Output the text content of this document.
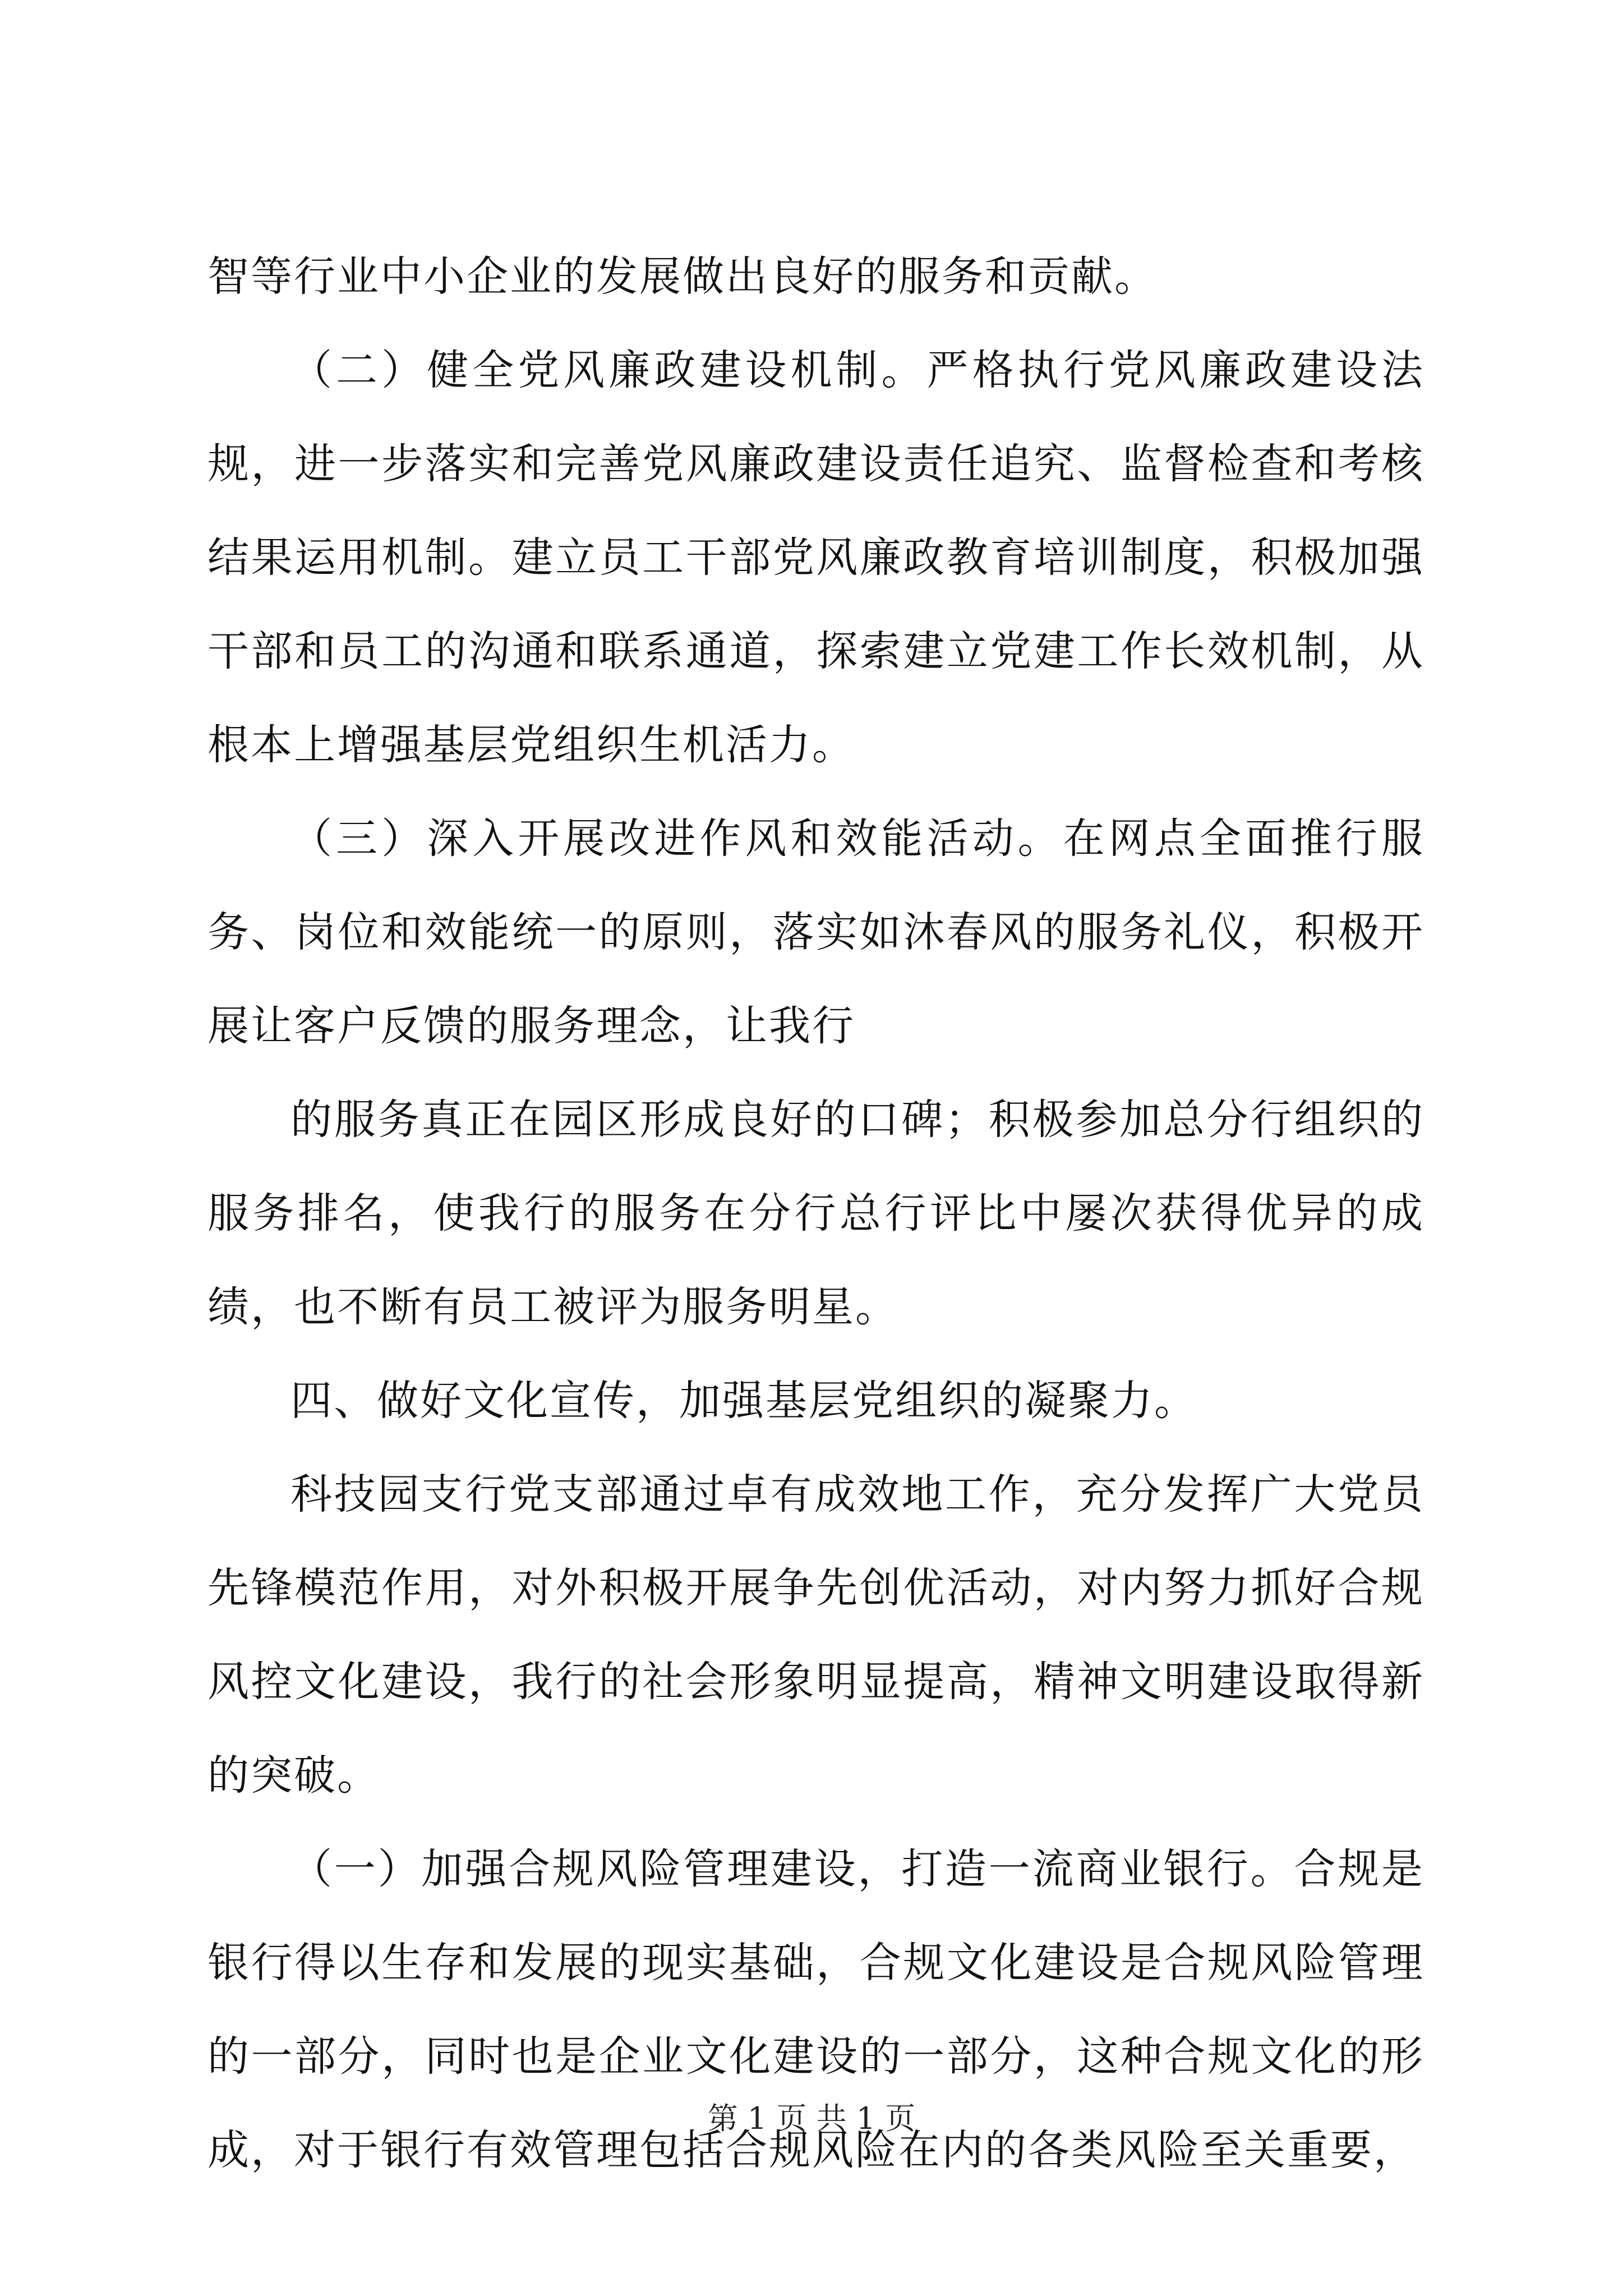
智等行业中小企业的发展做出良好的服务和贡献。

（二）健全党风廉政建设机制。严格执行党风廉政建设法规，进一步落实和完善党风廉政建设责任追究、监督检查和考核结果运用机制。建立员工干部党风廉政教育培训制度，积极加强干部和员工的沟通和联系通道，探索建立党建工作长效机制，从根本上增强基层党组织生机活力。

（三）深入开展改进作风和效能活动。在网点全面推行服务、岗位和效能统一的原则，落实如沐春风的服务礼仪，积极开展让客户反馈的服务理念，让我行

的服务真正在园区形成良好的口碑；积极参加总分行组织的服务排名，使我行的服务在分行总行评比中屡次获得优异的成绩，也不断有员工被评为服务明星。

四、做好文化宣传，加强基层党组织的凝聚力。

科技园支行党支部通过卓有成效地工作，充分发挥广大党员先锋模范作用，对外积极开展争先创优活动，对内努力抓好合规风控文化建设，我行的社会形象明显提高，精神文明建设取得新的突破。

（一）加强合规风险管理建设，打造一流商业银行。合规是银行得以生存和发展的现实基础，合规文化建设是合规风险管理的一部分，同时也是企业文化建设的一部分，这种合规文化的形成，对于银行有效管理包括合规风险在内的各类风险至关重要，

第 1 页 共 1 页
